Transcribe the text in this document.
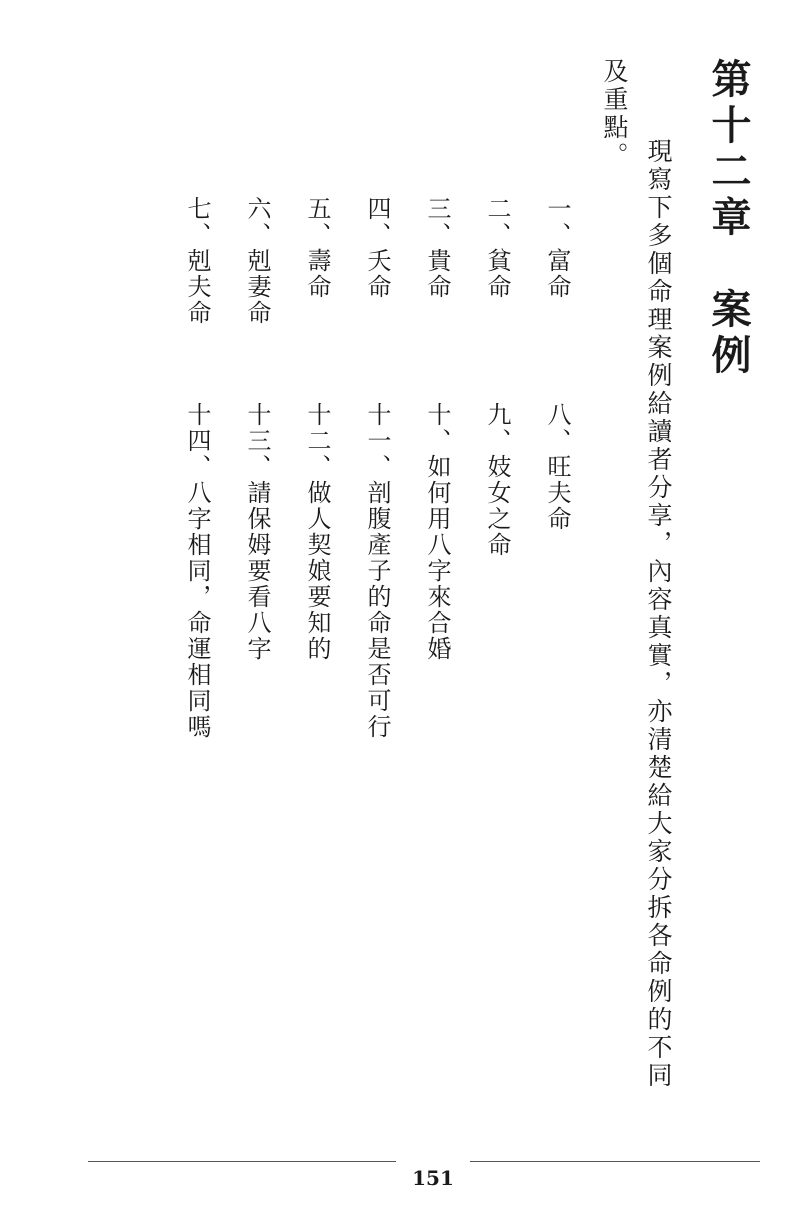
第十二章　案例
現寫下多個命理案例給讀者分享，內容真實，亦清楚給大家分拆各命例的不同
及重點。
一、富命
二、貧命
三、貴命
四、夭命
五、壽命
六、剋妻命
七、剋夫命
八、旺夫命
九、妓女之命
十、如何用八字來合婚
十一、剖腹產子的命是否可行
十二、做人契娘要知的
十三、請保姆要看八字
十四、八字相同，命運相同嗎
151
